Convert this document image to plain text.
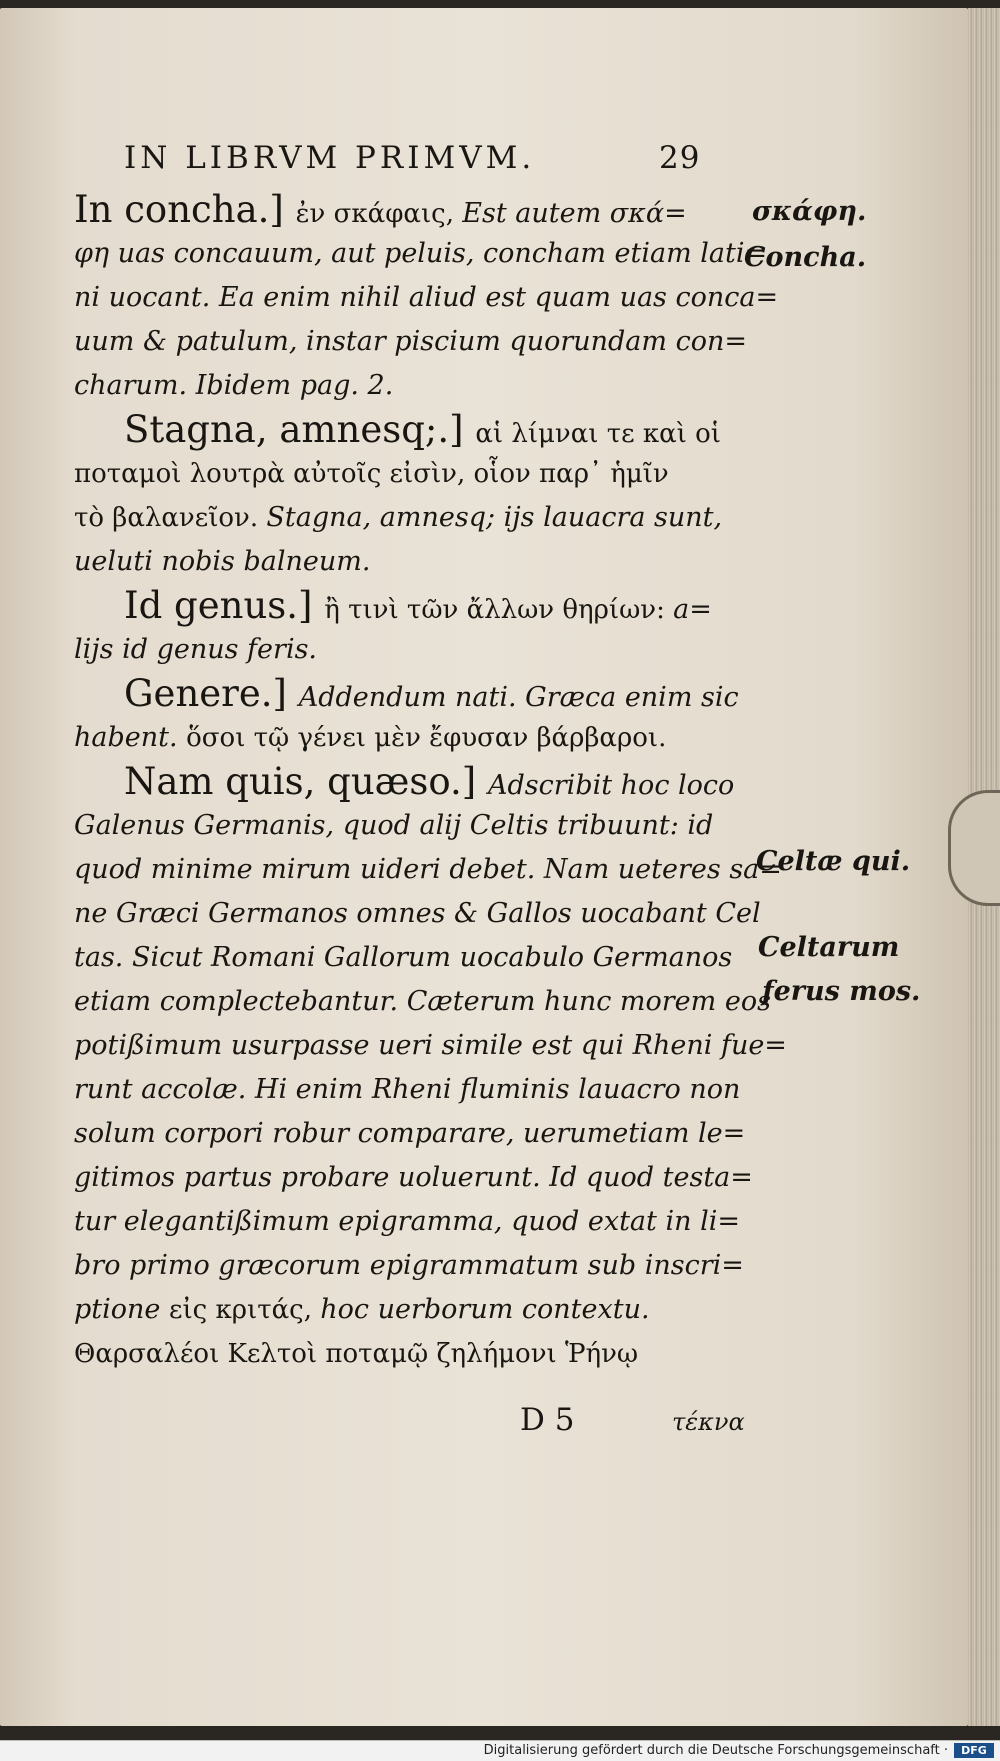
IN LIBRVM PRIMVM.	29
In concha.] ἐν σκάφαις, Est autem σκά=
φη uas concauum, aut peluis, concham etiam lati=
ni uocant. Ea enim nihil aliud est quam uas conca=
uum & patulum, instar piscium quorundam con=
charum. Ibidem pag. 2.
Stagna, amnesq;.] αἱ λίμναι τε καὶ οἱ
ποταμοὶ λουτρὰ αὐτοῖς εἰσὶν, οἷον παρ᾽ ἡμῖν
τὸ βαλανεῖον. Stagna, amnesq; ijs lauacra sunt,
ueluti nobis balneum.
Id genus.] ἢ τινὶ τῶν ἄλλων θηρίων: a=
lijs id genus feris.
Genere.] Addendum nati. Græca enim sic
habent. ὅσοι τῷ γένει μὲν ἔφυσαν βάρβαροι.
Nam quis, quæso.] Adscribit hoc loco
Galenus Germanis, quod alij Celtis tribuunt: id
quod minime mirum uideri debet. Nam ueteres sa=
ne Græci Germanos omnes & Gallos uocabant Cel
tas. Sicut Romani Gallorum uocabulo Germanos
etiam complectebantur. Cæterum hunc morem eos
potißimum usurpasse ueri simile est qui Rheni fue=
runt accolæ. Hi enim Rheni fluminis lauacro non
solum corpori robur comparare, uerumetiam le=
gitimos partus probare uoluerunt. Id quod testa=
tur elegantißimum epigramma, quod extat in li=
bro primo græcorum epigrammatum sub inscri=
ptione εἰς κριτάς, hoc uerborum contextu.
Θαρσαλέοι Κελτοὶ ποταμῷ ζηλήμονι Ῥήνῳ
σκάφη.
Concha.
Celtæ qui.
Celtarum
ferus mos.
D 5	τέκνα
Digitalisierung gefördert durch die Deutsche Forschungsgemeinschaft ·	DFG
